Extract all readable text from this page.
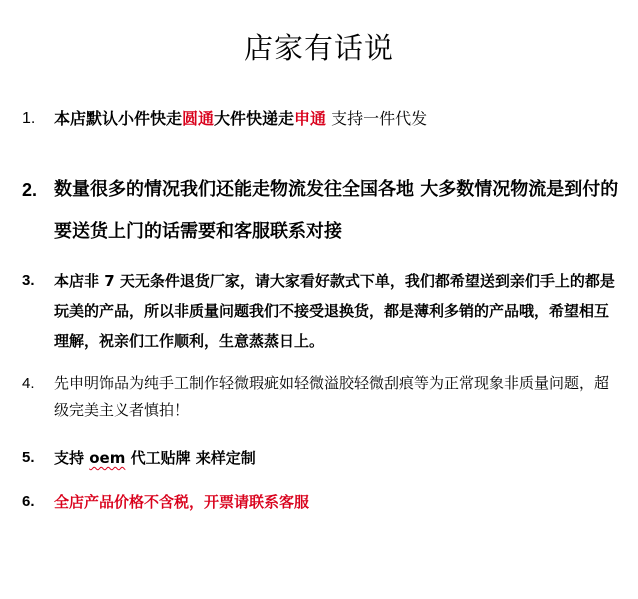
店家有话说
1.	本店默认小件快走圆通大件快递走申通 支持一件代发
2. 数量很多的情况我们还能走物流发往全国各地 大多数情况物流是到付的 要送货上门的话需要和客服联系对接
3.	本店非 7 天无条件退货厂家，请大家看好款式下单，我们都希望送到亲们手上的都是玩美的产品，所以非质量问题我们不接受退换货，都是薄利多销的产品哦，希望相互理解，祝亲们工作顺利，生意蒸蒸日上。
4.	先申明饰品为纯手工制作轻微瑕疵如轻微溢胶轻微刮痕等为正常现象非质量问题，超级完美主义者慎拍！
5.	支持 oem 代工贴牌 来样定制
6.	全店产品价格不含税，开票请联系客服
